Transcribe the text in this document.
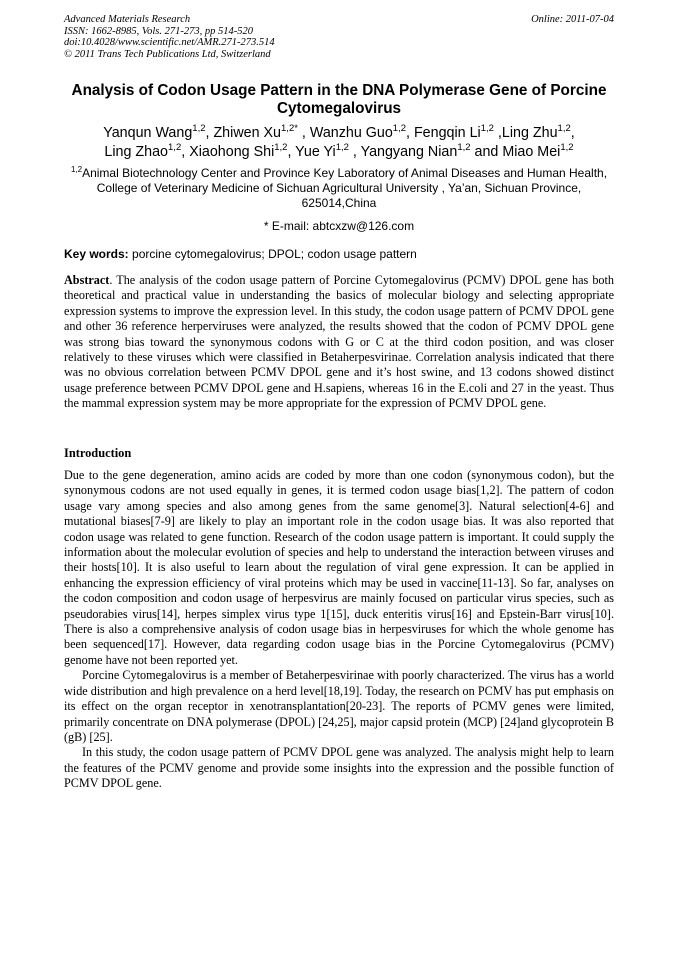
Advanced Materials Research
ISSN: 1662-8985, Vols. 271-273, pp 514-520
doi:10.4028/www.scientific.net/AMR.271-273.514
© 2011 Trans Tech Publications Ltd, Switzerland
Online: 2011-07-04
Analysis of Codon Usage Pattern in the DNA Polymerase Gene of Porcine Cytomegalovirus
Yanqun Wang$^{1,2}$, Zhiwen $Xu^{1,2*}$ , Wanzhu Guo$^{1,2}$, Fengqin Li$^{1,2}$ ,Ling Zhu$^{1,2}$,
Ling Zhao$^{1,2}$, Xiaohong Shi$^{1,2}$, Yue Yi$^{1,2}$ , Yangyang Nian$^{1,2}$ and Miao Mei$^{1,2}$
$^{1,2}$Animal Biotechnology Center and Province Key Laboratory of Animal Diseases and Human Health, College of Veterinary Medicine of Sichuan Agricultural University , Ya’an, Sichuan Province, 625014,China
* E-mail: abtcxzw@126.com
Key words: porcine cytomegalovirus; DPOL; codon usage pattern
Abstract. The analysis of the codon usage pattern of Porcine Cytomegalovirus (PCMV) DPOL gene has both theoretical and practical value in understanding the basics of molecular biology and selecting appropriate expression systems to improve the expression level. In this study, the codon usage pattern of PCMV DPOL gene and other 36 reference herperviruses were analyzed, the results showed that the codon of PCMV DPOL gene was strong bias toward the synonymous codons with G or C at the third codon position, and was closer relatively to these viruses which were classified in Betaherpesvirinae. Correlation analysis indicated that there was no obvious correlation between PCMV DPOL gene and it’s host swine, and 13 codons showed distinct usage preference between PCMV DPOL gene and H.sapiens, whereas 16 in the E.coli and 27 in the yeast. Thus the mammal expression system may be more appropriate for the expression of PCMV DPOL gene.
Introduction

Due to the gene degeneration, amino acids are coded by more than one codon (synonymous codon), but the synonymous codons are not used equally in genes, it is termed codon usage bias[1,2]. The pattern of codon usage vary among species and also among genes from the same genome[3]. Natural selection[4-6] and mutational biases[7-9] are likely to play an important role in the codon usage bias. It was also reported that codon usage was related to gene function. Research of the codon usage pattern is important. It could supply the information about the molecular evolution of species and help to understand the interaction between viruses and their hosts[10]. It is also useful to learn about the regulation of viral gene expression. It can be applied in enhancing the expression efficiency of viral proteins which may be used in vaccine[11-13]. So far, analyses on the codon composition and codon usage of herpesvirus are mainly focused on particular virus species, such as pseudorabies virus[14], herpes simplex virus type 1[15], duck enteritis virus[16] and Epstein-Barr virus[10]. There is also a comprehensive analysis of codon usage bias in herpesviruses for which the whole genome has been sequenced[17]. However, data regarding codon usage bias in the Porcine Cytomegalovirus (PCMV) genome have not been reported yet.

Porcine Cytomegalovirus is a member of Betaherpesvirinae with poorly characterized. The virus has a world wide distribution and high prevalence on a herd level[18,19]. Today, the research on PCMV has put emphasis on its effect on the organ receptor in xenotransplantation[20-23]. The reports of PCMV genes were limited, primarily concentrate on DNA polymerase (DPOL) [24,25], major capsid protein (MCP) [24]and glycoprotein B (gB) [25].

In this study, the codon usage pattern of PCMV DPOL gene was analyzed. The analysis might help to learn the features of the PCMV genome and provide some insights into the expression and the possible function of PCMV DPOL gene.
